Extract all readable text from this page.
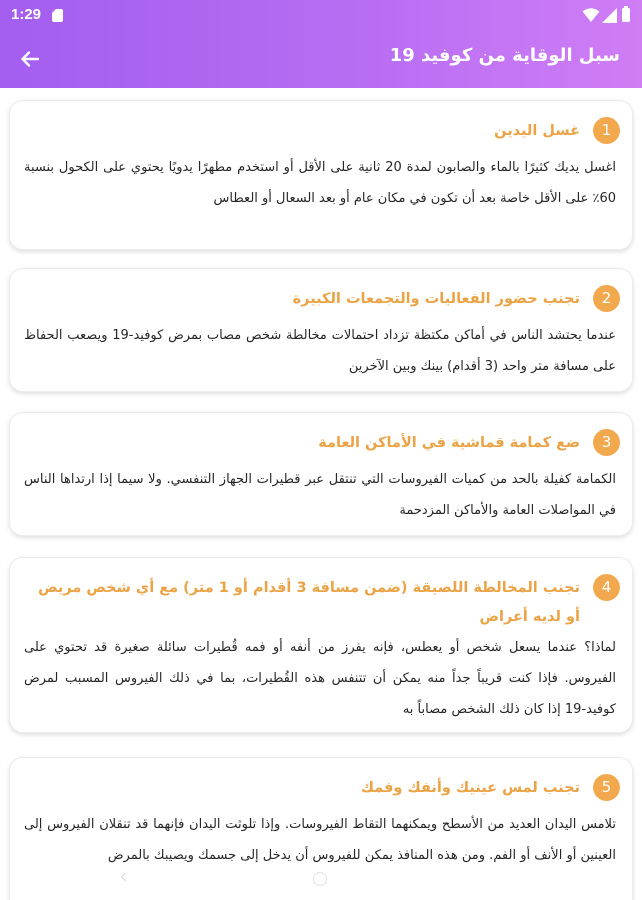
1:29
سبل الوقاية من كوفيد 19
1
غسل اليدين
اغسل يديك كثيرًا بالماء والصابون لمدة 20 ثانية على الأقل أو استخدم مطهرًا يدويًا يحتوي على الكحول بنسبة 60٪ على الأقل خاصة بعد أن تكون في مكان عام أو بعد السعال أو العطاس
2
تجنب حضور الفعاليات والتجمعات الكبيرة
عندما يحتشد الناس في أماكن مكتظة تزداد احتمالات مخالطة شخص مصاب بمرض كوفيد-19 ويصعب الحفاظ على مسافة متر واحد (3 أقدام) بينك وبين الآخرين
3
ضع كمامة قماشية في الأماكن العامة
الكمامة كفيلة بالحد من كميات الفيروسات التي تنتقل عبر قطيرات الجهاز التنفسي. ولا سيما إذا ارتداها الناس في المواصلات العامة والأماكن المزدحمة
4
تجنب المخالطة اللصيقة (ضمن مسافة 3 أقدام أو 1 متر) مع أي شخص مريض أو لديه أعراض
لماذا؟ عندما يسعل شخص أو يعطس، فإنه يفرز من أنفه أو فمه قُطيرات سائلة صغيرة قد تحتوي على الفيروس. فإذا كنت قريباً جداً منه يمكن أن تتنفس هذه القُطيرات، بما في ذلك الفيروس المسبب لمرض كوفيد-19 إذا كان ذلك الشخص مصاباً به
5
تجنب لمس عينيك وأنفك وفمك
تلامس اليدان العديد من الأسطح ويمكنهما التقاط الفيروسات. وإذا تلوثت اليدان فإنهما قد تنقلان الفيروس إلى العينين أو الأنف أو الفم. ومن هذه المنافذ يمكن للفيروس أن يدخل إلى جسمك ويصيبك بالمرض
